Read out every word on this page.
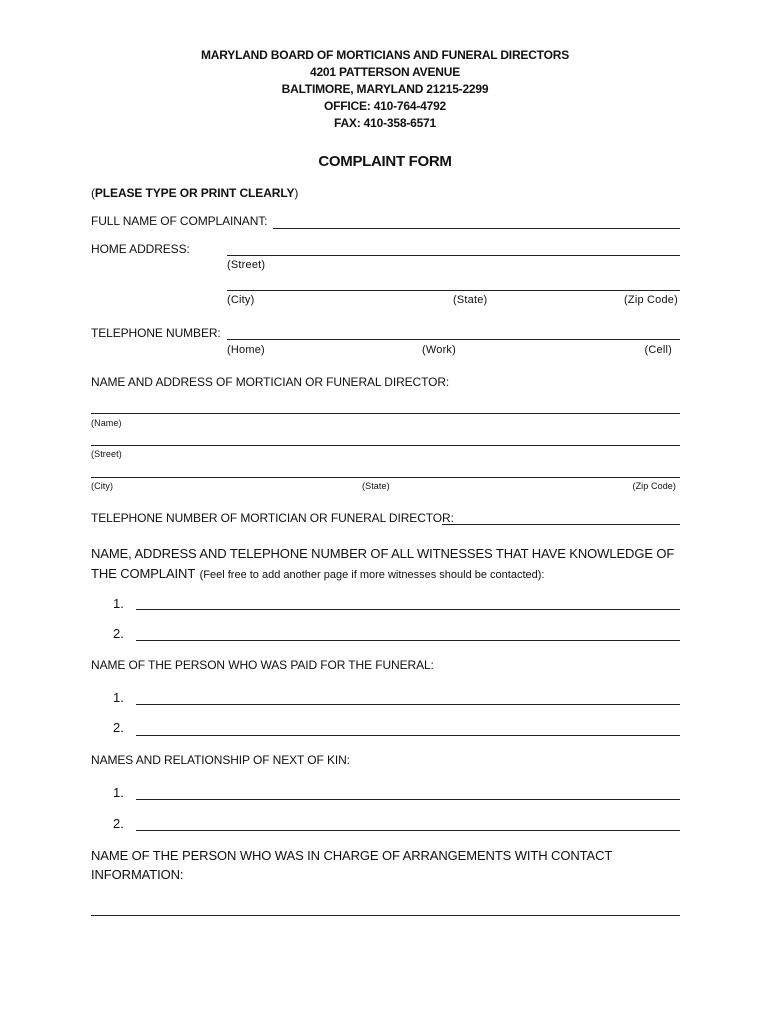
MARYLAND BOARD OF MORTICIANS AND FUNERAL DIRECTORS
4201 PATTERSON AVENUE
BALTIMORE, MARYLAND 21215-2299
OFFICE: 410-764-4792
FAX: 410-358-6571
COMPLAINT FORM
(PLEASE TYPE OR PRINT CLEARLY)
FULL NAME OF COMPLAINANT:
HOME ADDRESS:
(Street)
(City)	(State)	(Zip Code)
TELEPHONE NUMBER:
(Home)	(Work)	(Cell)
NAME AND ADDRESS OF MORTICIAN OR FUNERAL DIRECTOR:
(Name)
(Street)
(City)	(State)	(Zip Code)
TELEPHONE NUMBER OF MORTICIAN OR FUNERAL DIRECTOR:
NAME, ADDRESS AND TELEPHONE NUMBER OF ALL WITNESSES THAT HAVE KNOWLEDGE OF
THE COMPLAINT (Feel free to add another page if more witnesses should be contacted):
1.
2.
NAME OF THE PERSON WHO WAS PAID FOR THE FUNERAL:
1.
2.
NAMES AND RELATIONSHIP OF NEXT OF KIN:
1.
2.
NAME OF THE PERSON WHO WAS IN CHARGE OF ARRANGEMENTS WITH CONTACT
INFORMATION:
